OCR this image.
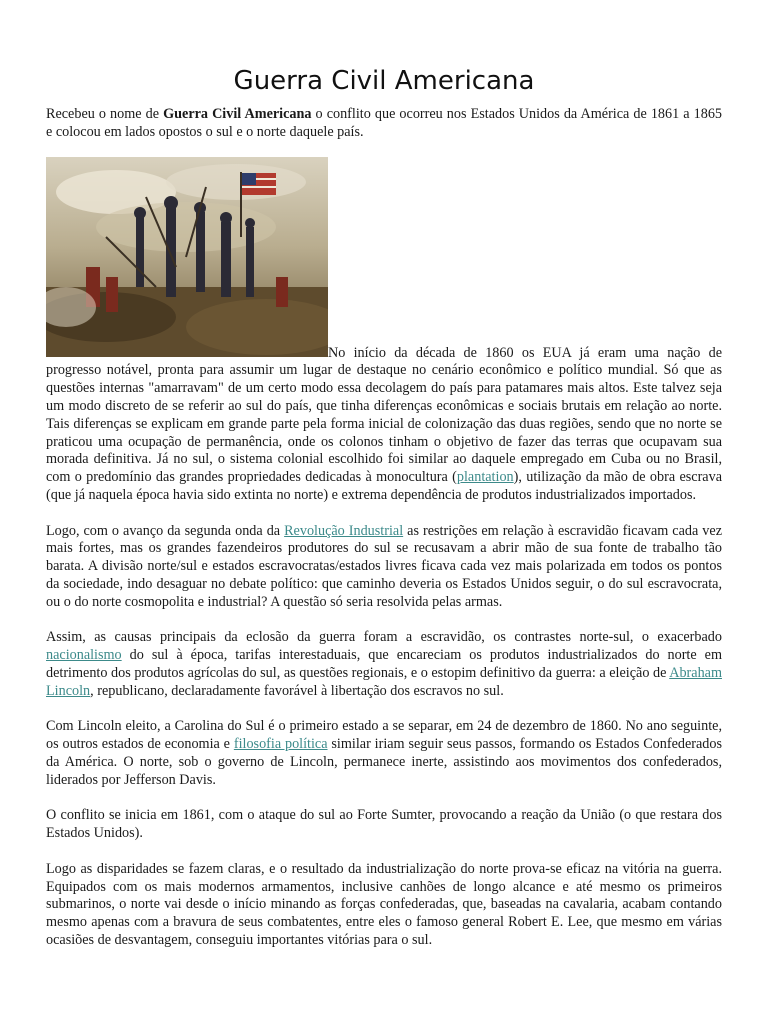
Guerra Civil Americana

Recebeu o nome de Guerra Civil Americana o conflito que ocorreu nos Estados Unidos da América de 1861 a 1865 e colocou em lados opostos o sul e o norte daquele país.

No início da década de 1860 os EUA já eram uma nação de progresso notável, pronta para assumir um lugar de destaque no cenário econômico e político mundial. Só que as questões internas "amarravam" de um certo modo essa decolagem do país para patamares mais altos. Este talvez seja um modo discreto de se referir ao sul do país, que tinha diferenças econômicas e sociais brutais em relação ao norte. Tais diferenças se explicam em grande parte pela forma inicial de colonização das duas regiões, sendo que no norte se praticou uma ocupação de permanência, onde os colonos tinham o objetivo de fazer das terras que ocupavam sua morada definitiva. Já no sul, o sistema colonial escolhido foi similar ao daquele empregado em Cuba ou no Brasil, com o predomínio das grandes propriedades dedicadas à monocultura (plantation), utilização da mão de obra escrava (que já naquela época havia sido extinta no norte) e extrema dependência de produtos industrializados importados.

Logo, com o avanço da segunda onda da Revolução Industrial as restrições em relação à escravidão ficavam cada vez mais fortes, mas os grandes fazendeiros produtores do sul se recusavam a abrir mão de sua fonte de trabalho tão barata. A divisão norte/sul e estados escravocratas/estados livres ficava cada vez mais polarizada em todos os pontos da sociedade, indo desaguar no debate político: que caminho deveria os Estados Unidos seguir, o do sul escravocrata, ou o do norte cosmopolita e industrial? A questão só seria resolvida pelas armas.

Assim, as causas principais da eclosão da guerra foram a escravidão, os contrastes norte-sul, o exacerbado nacionalismo do sul à época, tarifas interestaduais, que encareciam os produtos industrializados do norte em detrimento dos produtos agrícolas do sul, as questões regionais, e o estopim definitivo da guerra: a eleição de Abraham Lincoln, republicano, declaradamente favorável à libertação dos escravos no sul.

Com Lincoln eleito, a Carolina do Sul é o primeiro estado a se separar, em 24 de dezembro de 1860. No ano seguinte, os outros estados de economia e filosofia política similar iriam seguir seus passos, formando os Estados Confederados da América. O norte, sob o governo de Lincoln, permanece inerte, assistindo aos movimentos dos confederados, liderados por Jefferson Davis.

O conflito se inicia em 1861, com o ataque do sul ao Forte Sumter, provocando a reação da União (o que restara dos Estados Unidos).

Logo as disparidades se fazem claras, e o resultado da industrialização do norte prova-se eficaz na vitória na guerra. Equipados com os mais modernos armamentos, inclusive canhões de longo alcance e até mesmo os primeiros submarinos, o norte vai desde o início minando as forças confederadas, que, baseadas na cavalaria, acabam contando mesmo apenas com a bravura de seus combatentes, entre eles o famoso general Robert E. Lee, que mesmo em várias ocasiões de desvantagem, conseguiu importantes vitórias para o sul.
